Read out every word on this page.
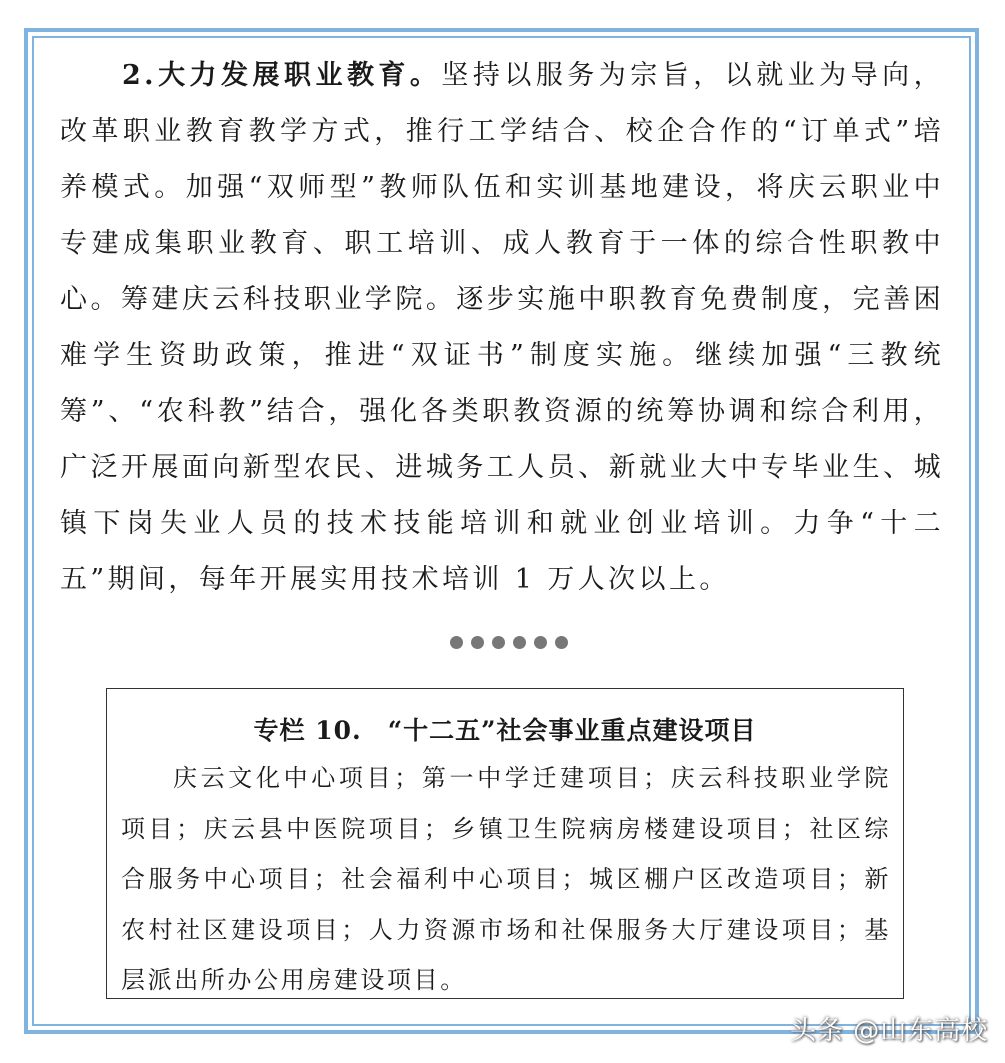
2.大力发展职业教育。坚持以服务为宗旨，以就业为导向，改革职业教育教学方式，推行工学结合、校企合作的“订单式”培养模式。加强“双师型”教师队伍和实训基地建设，将庆云职业中专建成集职业教育、职工培训、成人教育于一体的综合性职教中心。筹建庆云科技职业学院。逐步实施中职教育免费制度，完善困难学生资助政策，推进“双证书”制度实施。继续加强“三教统筹”、“农科教”结合，强化各类职教资源的统筹协调和综合利用，广泛开展面向新型农民、进城务工人员、新就业大中专毕业生、城镇下岗失业人员的技术技能培训和就业创业培训。力争“十二五”期间，每年开展实用技术培训 1 万人次以上。

专栏 10.　“十二五”社会事业重点建设项目

庆云文化中心项目；第一中学迁建项目；庆云科技职业学院项目；庆云县中医院项目；乡镇卫生院病房楼建设项目；社区综合服务中心项目；社会福利中心项目；城区棚户区改造项目；新农村社区建设项目；人力资源市场和社保服务大厅建设项目；基层派出所办公用房建设项目。

头条 @山东高校
